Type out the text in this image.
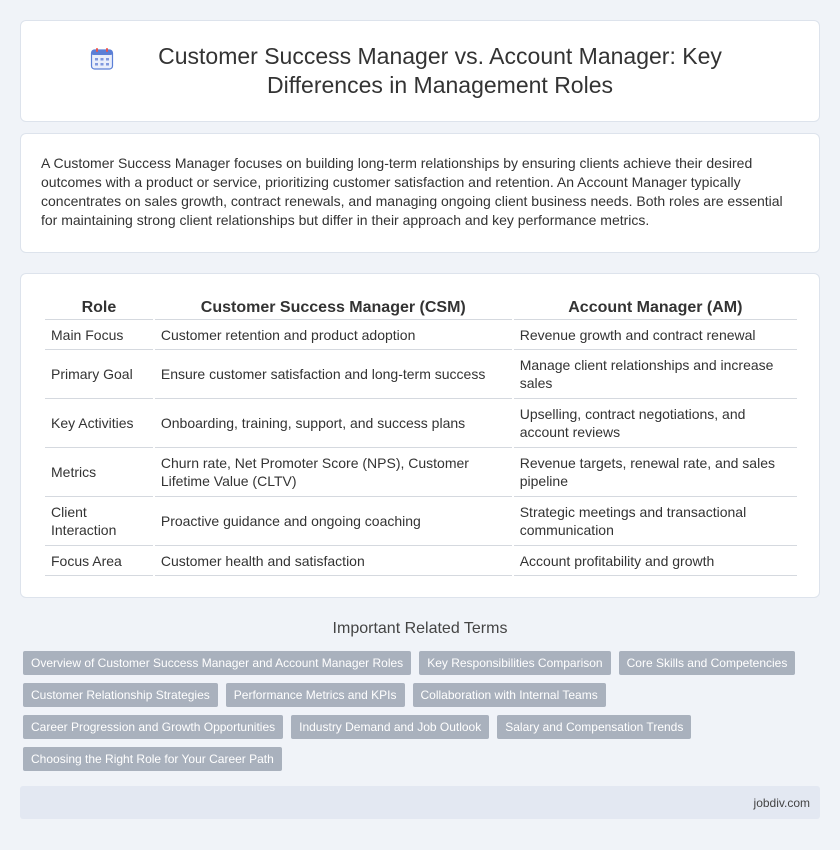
Customer Success Manager vs. Account Manager: Key Differences in Management Roles

A Customer Success Manager focuses on building long-term relationships by ensuring clients achieve their desired outcomes with a product or service, prioritizing customer satisfaction and retention. An Account Manager typically concentrates on sales growth, contract renewals, and managing ongoing client business needs. Both roles are essential for maintaining strong client relationships but differ in their approach and key performance metrics.

Role	Customer Success Manager (CSM)	Account Manager (AM)
Main Focus	Customer retention and product adoption	Revenue growth and contract renewal
Primary Goal	Ensure customer satisfaction and long-term success	Manage client relationships and increase sales
Key Activities	Onboarding, training, support, and success plans	Upselling, contract negotiations, and account reviews
Metrics	Churn rate, Net Promoter Score (NPS), Customer Lifetime Value (CLTV)	Revenue targets, renewal rate, and sales pipeline
Client Interaction	Proactive guidance and ongoing coaching	Strategic meetings and transactional communication
Focus Area	Customer health and satisfaction	Account profitability and growth
Important Related Terms
Overview of Customer Success Manager and Account Manager Roles	Key Responsibilities Comparison	Core Skills and Competencies
Customer Relationship Strategies	Performance Metrics and KPIs	Collaboration with Internal Teams
Career Progression and Growth Opportunities	Industry Demand and Job Outlook	Salary and Compensation Trends
Choosing the Right Role for Your Career Path
jobdiv.com
